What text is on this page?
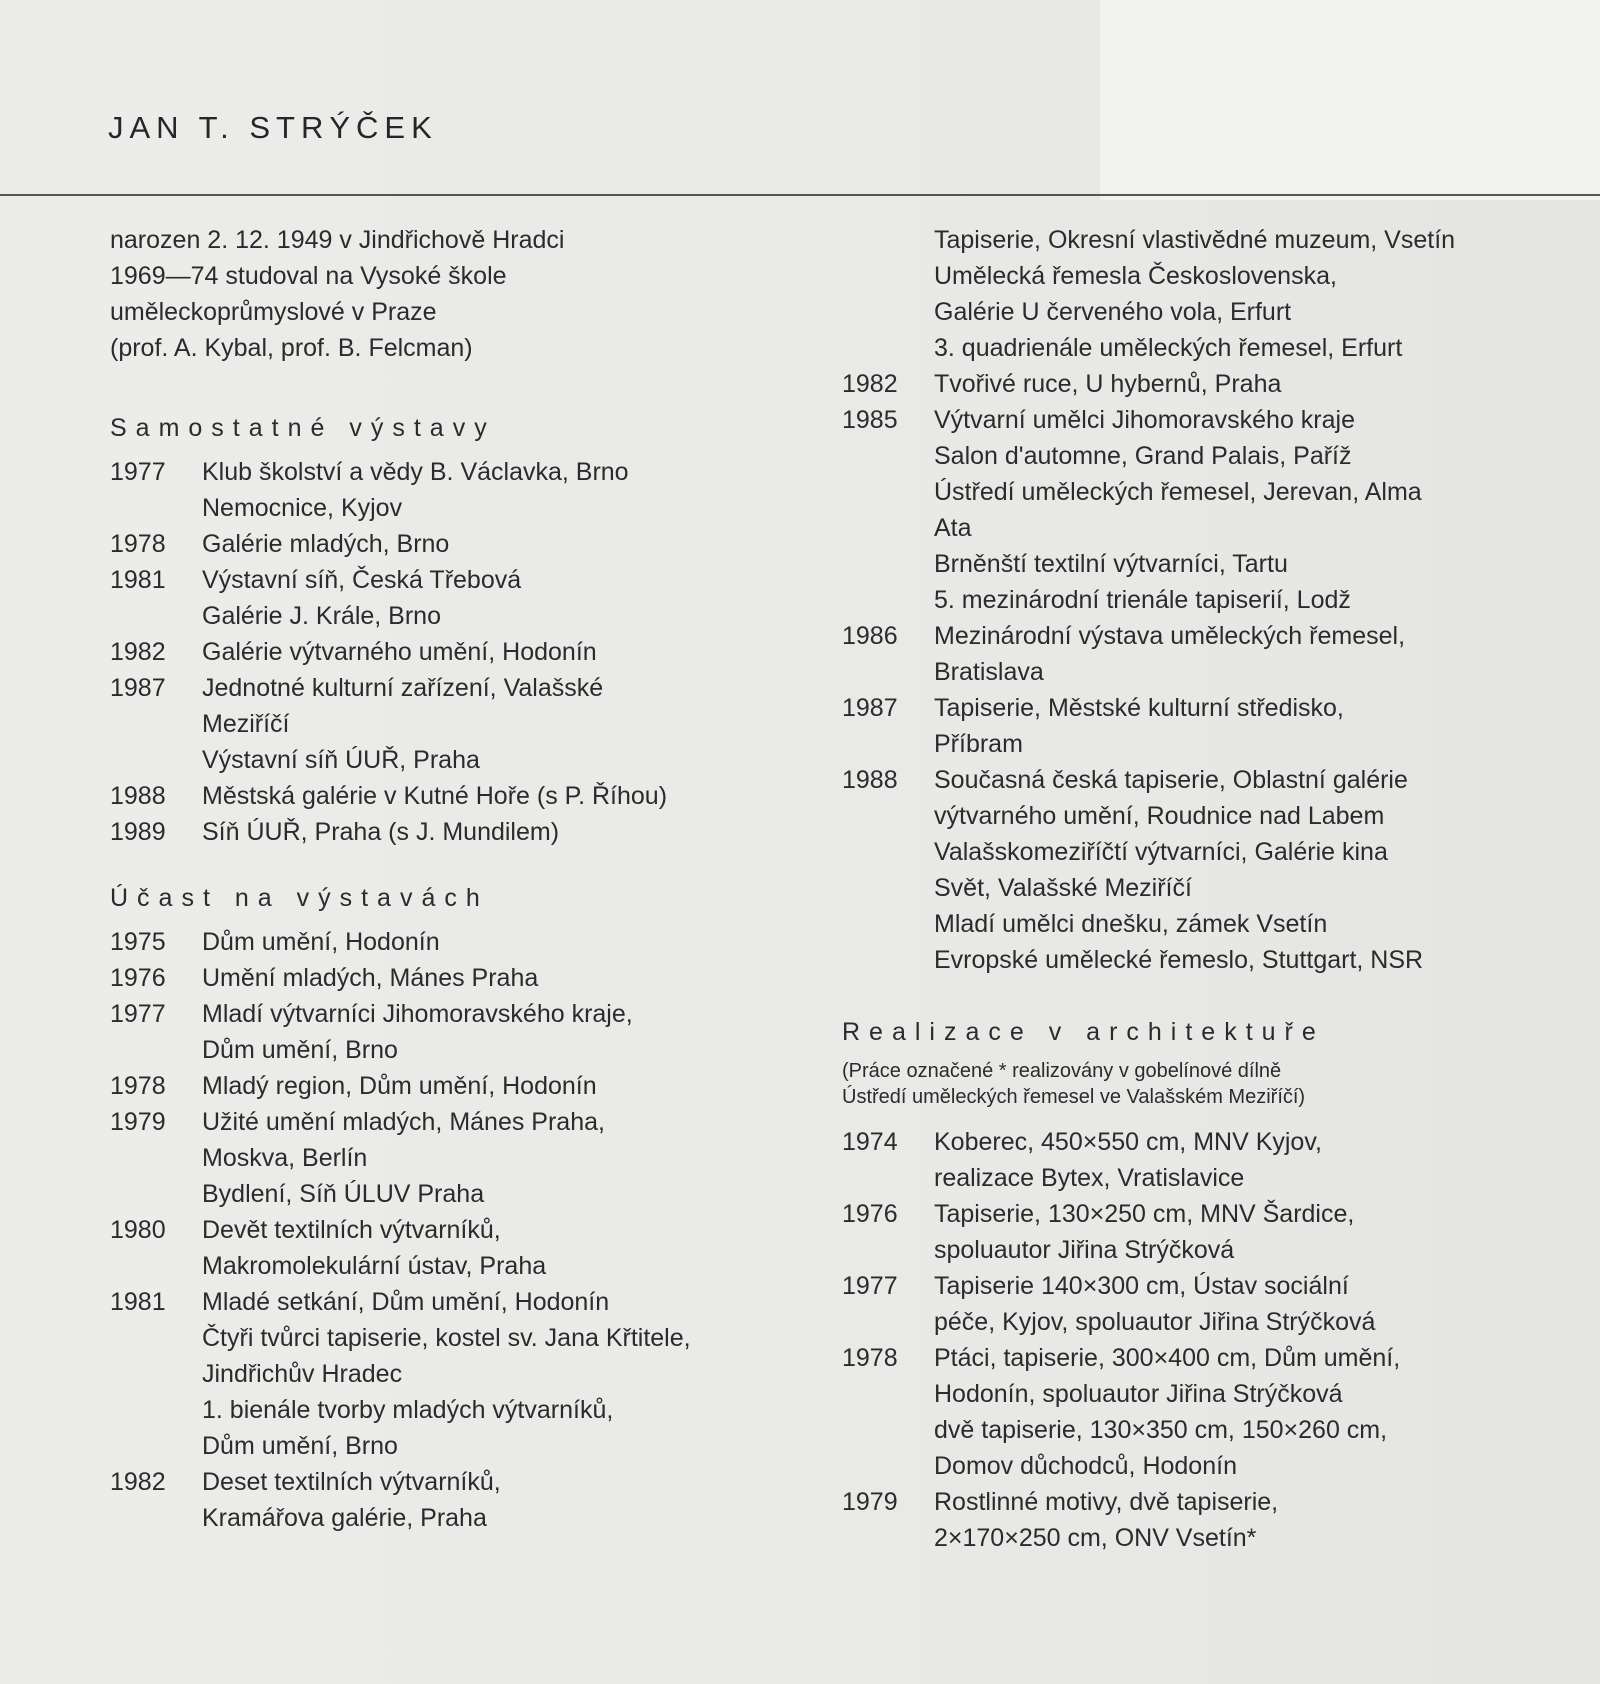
JAN T. STRÝČEK
narozen 2. 12. 1949 v Jindřichově Hradci
1969—74 studoval na Vysoké škole
uměleckoprůmyslové v Praze
(prof. A. Kybal, prof. B. Felcman)
Samostatné výstavy
1977	Klub školství a vědy B. Václavka, Brno
Nemocnice, Kyjov
1978	Galérie mladých, Brno
1981	Výstavní síň, Česká Třebová
Galérie J. Krále, Brno
1982	Galérie výtvarného umění, Hodonín
1987	Jednotné kulturní zařízení, Valašské
Meziříčí
Výstavní síň ÚUŘ, Praha
1988	Městská galérie v Kutné Hoře (s P. Říhou)
1989	Síň ÚUŘ, Praha (s J. Mundilem)
Účast na výstavách
1975	Dům umění, Hodonín
1976	Umění mladých, Mánes Praha
1977	Mladí výtvarníci Jihomoravského kraje,
Dům umění, Brno
1978	Mladý region, Dům umění, Hodonín
1979	Užité umění mladých, Mánes Praha,
Moskva, Berlín
Bydlení, Síň ÚLUV Praha
1980	Devět textilních výtvarníků,
Makromolekulární ústav, Praha
1981	Mladé setkání, Dům umění, Hodonín
Čtyři tvůrci tapiserie, kostel sv. Jana Křtitele,
Jindřichův Hradec
1. bienále tvorby mladých výtvarníků,
Dům umění, Brno
1982	Deset textilních výtvarníků,
Kramářova galérie, Praha
Tapiserie, Okresní vlastivědné muzeum, Vsetín
Umělecká řemesla Československa,
Galérie U červeného vola, Erfurt
3. quadrienále uměleckých řemesel, Erfurt
1982	Tvořivé ruce, U hybernů, Praha
1985	Výtvarní umělci Jihomoravského kraje
Salon d'automne, Grand Palais, Paříž
Ústředí uměleckých řemesel, Jerevan, Alma
Ata
Brněnští textilní výtvarníci, Tartu
5. mezinárodní trienále tapiserií, Lodž
1986	Mezinárodní výstava uměleckých řemesel,
Bratislava
1987	Tapiserie, Městské kulturní středisko,
Příbram
1988	Současná česká tapiserie, Oblastní galérie
výtvarného umění, Roudnice nad Labem
Valašskomeziříčtí výtvarníci, Galérie kina
Svět, Valašské Meziříčí
Mladí umělci dnešku, zámek Vsetín
Evropské umělecké řemeslo, Stuttgart, NSR
Realizace v architektuře
(Práce označené * realizovány v gobelínové dílně
Ústředí uměleckých řemesel ve Valašském Meziříčí)
1974	Koberec, 450×550 cm, MNV Kyjov,
realizace Bytex, Vratislavice
1976	Tapiserie, 130×250 cm, MNV Šardice,
spoluautor Jiřina Strýčková
1977	Tapiserie 140×300 cm, Ústav sociální
péče, Kyjov, spoluautor Jiřina Strýčková
1978	Ptáci, tapiserie, 300×400 cm, Dům umění,
Hodonín, spoluautor Jiřina Strýčková
dvě tapiserie, 130×350 cm, 150×260 cm,
Domov důchodců, Hodonín
1979	Rostlinné motivy, dvě tapiserie,
2×170×250 cm, ONV Vsetín*
